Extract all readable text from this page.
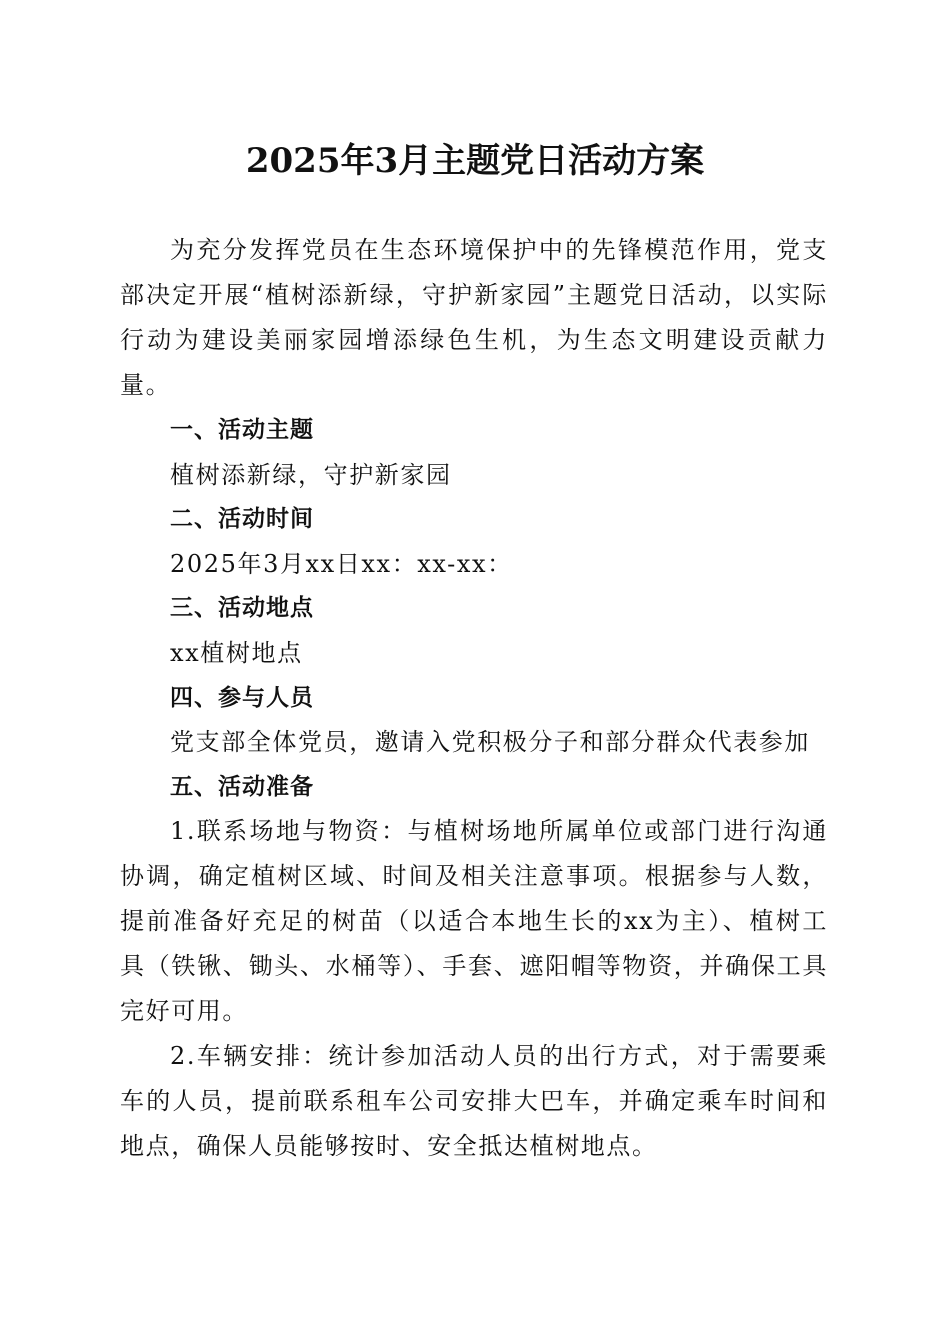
2025年3月主题党日活动方案

为充分发挥党员在生态环境保护中的先锋模范作用，党支部决定开展“植树添新绿，守护新家园”主题党日活动，以实际行动为建设美丽家园增添绿色生机，为生态文明建设贡献力量。

一、活动主题

植树添新绿，守护新家园

二、活动时间

2025年3月xx日xx：xx-xx：

三、活动地点

xx植树地点

四、参与人员

党支部全体党员，邀请入党积极分子和部分群众代表参加

五、活动准备

1.联系场地与物资：与植树场地所属单位或部门进行沟通协调，确定植树区域、时间及相关注意事项。根据参与人数，提前准备好充足的树苗（以适合本地生长的xx为主）、植树工具（铁锹、锄头、水桶等）、手套、遮阳帽等物资，并确保工具完好可用。

2.车辆安排：统计参加活动人员的出行方式，对于需要乘车的人员，提前联系租车公司安排大巴车，并确定乘车时间和地点，确保人员能够按时、安全抵达植树地点。
